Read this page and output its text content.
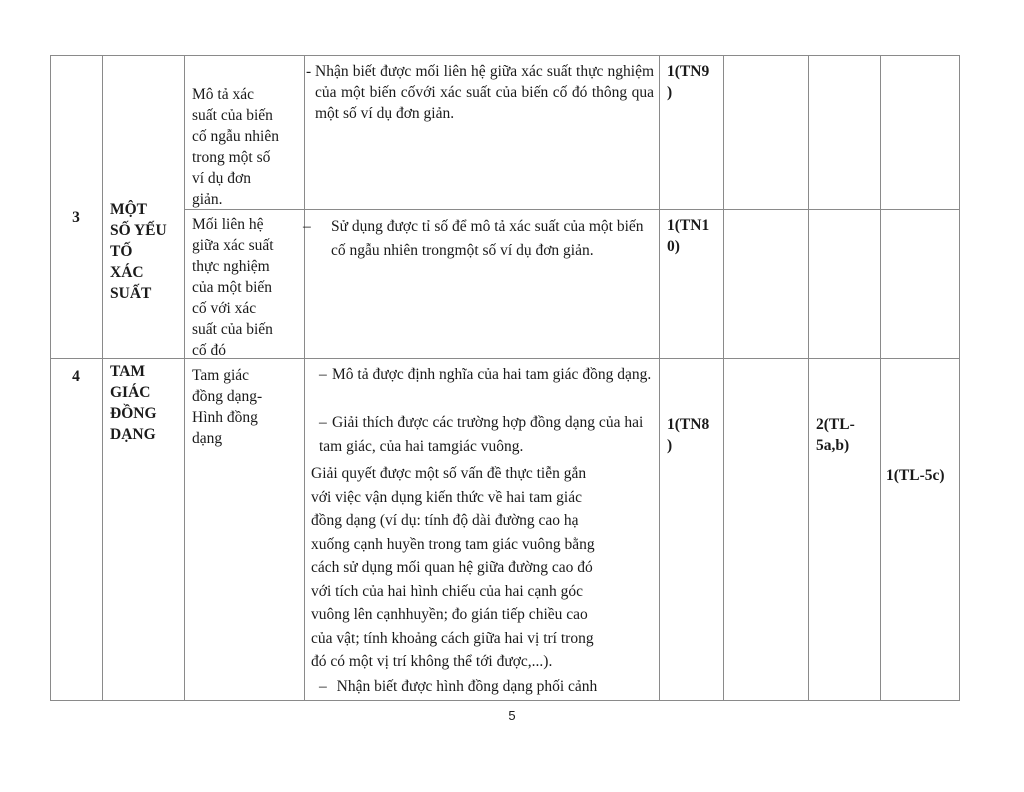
3	MỘT
SỐ YẾU
TỐ
XÁC
SUẤT
Mô tả xác
suất của biến
cố ngẫu nhiên
trong một số
ví dụ đơn
giản.
- Nhận biết được mối liên hệ giữa xác suất thực nghiệm của một biến cốvới xác suất của biến cố đó thông qua một số ví dụ đơn giản.
1(TN9
)
Mối liên hệ
giữa xác suất
thực nghiệm
của một biến
cố với xác
suất của biến
cố đó
– Sử dụng được tỉ số để mô tả xác suất của một biến cố ngẫu nhiên trongmột số ví dụ đơn giản.
1(TN1
0)
4	TAM
GIÁC
ĐỒNG
DẠNG
Tam giác
đồng dạng-
Hình đồng
dạng
– Mô tả được định nghĩa của hai tam giác đồng dạng.
– Giải thích được các trường hợp đồng dạng của hai tam giác, của hai tamgiác vuông.
Giải quyết được một số vấn đề thực tiễn gắn
với việc vận dụng kiến thức về hai tam giác
đồng dạng (ví dụ: tính độ dài đường cao hạ
xuống cạnh huyền trong tam giác vuông bằng
cách sử dụng mối quan hệ giữa đường cao đó
với tích của hai hình chiếu của hai cạnh góc
vuông lên cạnhhuyền; đo gián tiếp chiều cao
của vật; tính khoảng cách giữa hai vị trí trong
đó có một vị trí không thể tới được,...).
– Nhận biết được hình đồng dạng phối cảnh
1(TN8
)
2(TL-
5a,b)
1(TL-5c)
5
